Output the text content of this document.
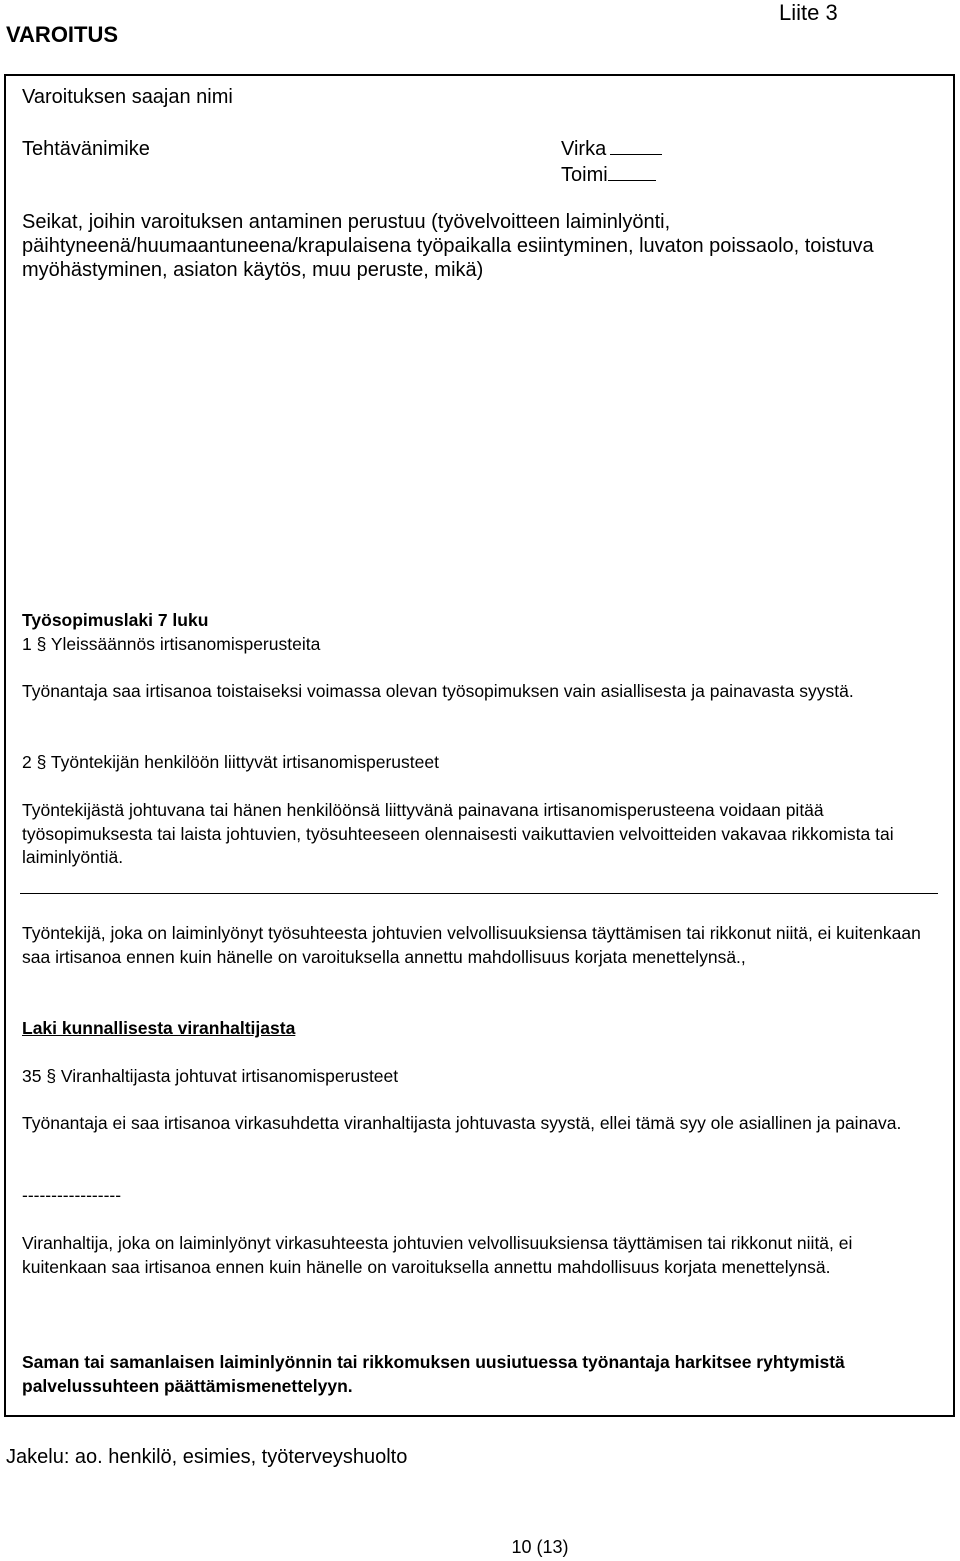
VAROITUS
Liite 3
Varoituksen saajan nimi
Tehtävänimike	Virka
Toimi
Seikat, joihin varoituksen antaminen perustuu (työvelvoitteen laiminlyönti, päihtyneenä/huumaantuneena/krapulaisena työpaikalla esiintyminen, luvaton poissaolo, toistuva myöhästyminen, asiaton käytös, muu peruste, mikä)
Työsopimuslaki 7 luku
1 § Yleissäännös irtisanomisperusteita
Työnantaja saa irtisanoa toistaiseksi voimassa olevan työsopimuksen vain asiallisesta ja painavasta syystä.
2 § Työntekijän henkilöön liittyvät irtisanomisperusteet
Työntekijästä johtuvana tai hänen henkilöönsä liittyvänä painavana irtisanomisperusteena voidaan pitää työsopimuksesta tai laista johtuvien, työsuhteeseen olennaisesti vaikuttavien velvoitteiden vakavaa rikkomista tai laiminlyöntiä.
Työntekijä, joka on laiminlyönyt työsuhteesta johtuvien velvollisuuksiensa täyttämisen tai rikkonut niitä, ei kuitenkaan saa irtisanoa ennen kuin hänelle on varoituksella annettu mahdollisuus korjata menettelynsä.,
Laki kunnallisesta viranhaltijasta
35 § Viranhaltijasta johtuvat irtisanomisperusteet
Työnantaja ei saa irtisanoa virkasuhdetta viranhaltijasta johtuvasta syystä, ellei tämä syy ole asiallinen ja painava.
-----------------
Viranhaltija, joka on laiminlyönyt virkasuhteesta johtuvien velvollisuuksiensa täyttämisen tai rikkonut niitä, ei kuitenkaan saa irtisanoa ennen kuin hänelle on varoituksella annettu mahdollisuus korjata menettelynsä.
Saman tai samanlaisen laiminlyönnin tai rikkomuksen uusiutuessa työnantaja harkitsee ryhtymistä palvelussuhteen päättämismenettelyyn.
Jakelu: ao. henkilö, esimies, työterveyshuolto
10 (13)
